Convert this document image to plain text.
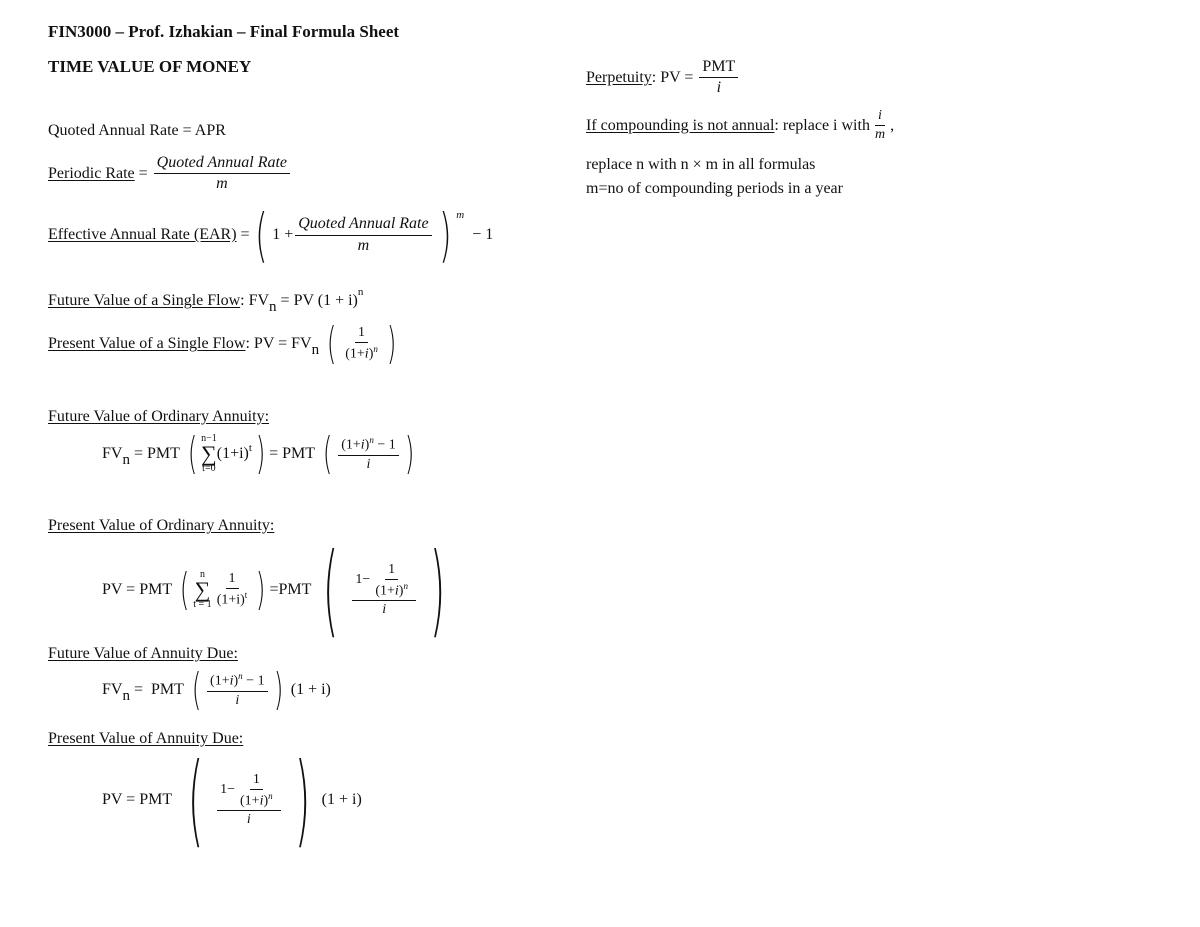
FIN3000 – Prof. Izhakian – Final Formula Sheet
TIME VALUE OF MONEY
Quoted Annual Rate = APR
Periodic Rate = $\frac{\text{Quoted Annual Rate}}{m}$
Effective Annual Rate (EAR) = ( $1 + \frac{\text{Quoted Annual Rate}}{m}$ ) m
− 1
Future Value of a Single Flow : FV n = PV (1 + i) n
Present Value of a Single Flow : PV = FV n
( $\frac{1}{(1+i)^n}$ )
Future Value of Ordinary Annuity:
FV n = PMT ( n−1
∑
t=0
(1+i) t ) = PMT ( $\frac{(1+i)^n - 1}{i}$ )
Present Value of Ordinary Annuity:
PV = PMT ( n
∑
$t = 1 \frac{1}{(1+i)^t}$ ) =PMT ( $\frac{1- \frac{1}{(1+i)^n}}{i}$ )
Future Value of Annuity Due:
FV n =  PMT ( $\frac{(1+i)^n - 1}{i}$ ) (1 + i)
Present Value of Annuity Due:
PV = PMT ( $\frac{1- \frac{1}{(1+i)^n}}{i}$ ) (1 + i)
Perpetuity : PV =
$\frac{\text{PMT}}{i}$
If compounding is not annual : replace i with $\frac{i}{m}$ ,
replace n with n × m in all formulas
m=no of compounding periods in a year
